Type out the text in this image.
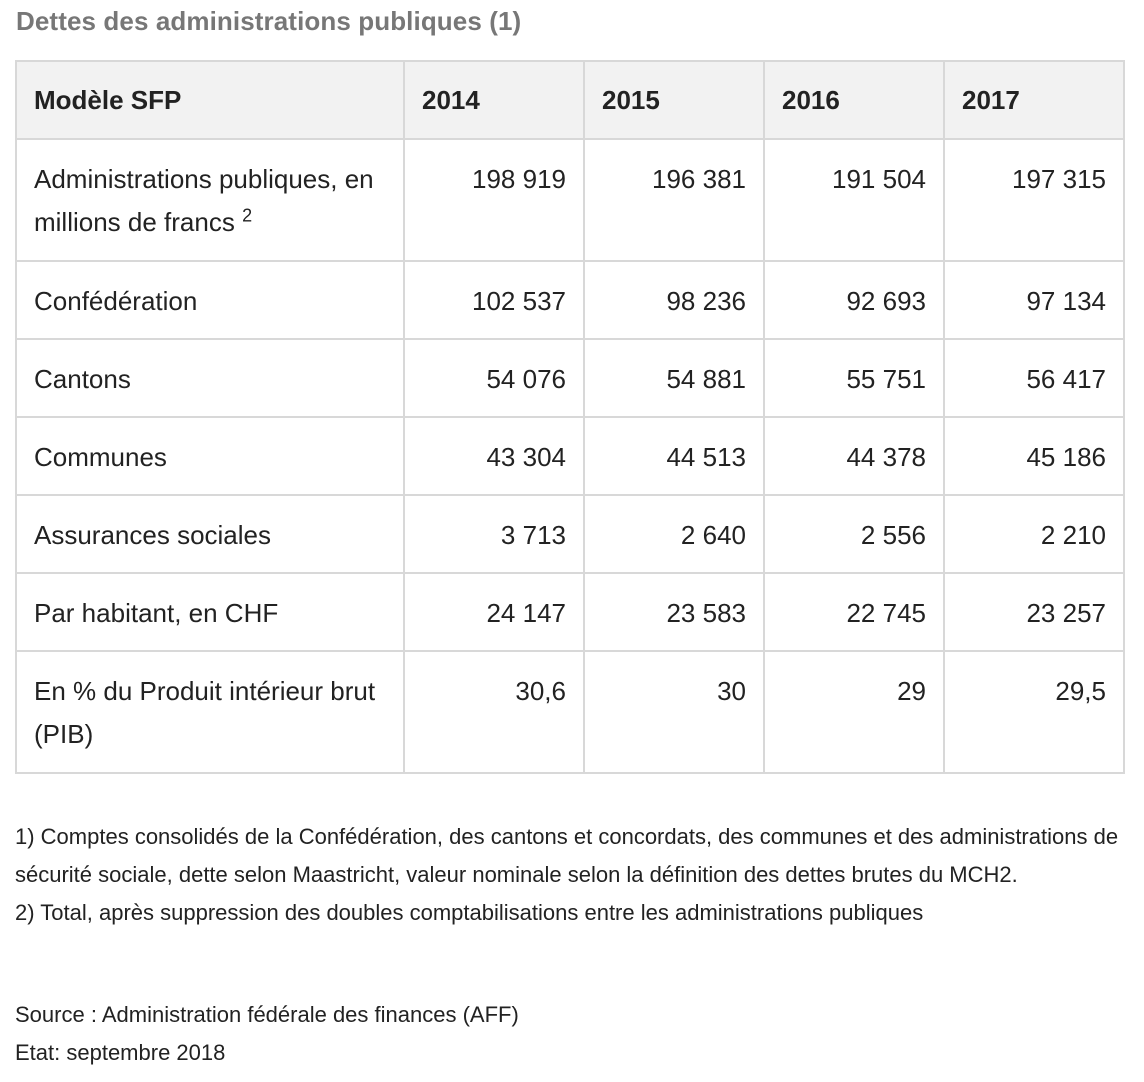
Dettes des administrations publiques (1)
Modèle SFP	2014	2015	2016	2017
Administrations publiques, en millions de francs $^2$	198 919	196 381	191 504	197 315
Confédération	102 537	98 236	92 693	97 134
Cantons	54 076	54 881	55 751	56 417
Communes	43 304	44 513	44 378	45 186
Assurances sociales	3 713	2 640	2 556	2 210
Par habitant, en CHF	24 147	23 583	22 745	23 257
En % du Produit intérieur brut (PIB)	30,6	30	29	29,5

1) Comptes consolidés de la Confédération, des cantons et concordats, des communes et des administrations de sécurité sociale, dette selon Maastricht, valeur nominale selon la définition des dettes brutes du MCH2.

2) Total, après suppression des doubles comptabilisations entre les administrations publiques

Source : Administration fédérale des finances (AFF)

Etat: septembre 2018
